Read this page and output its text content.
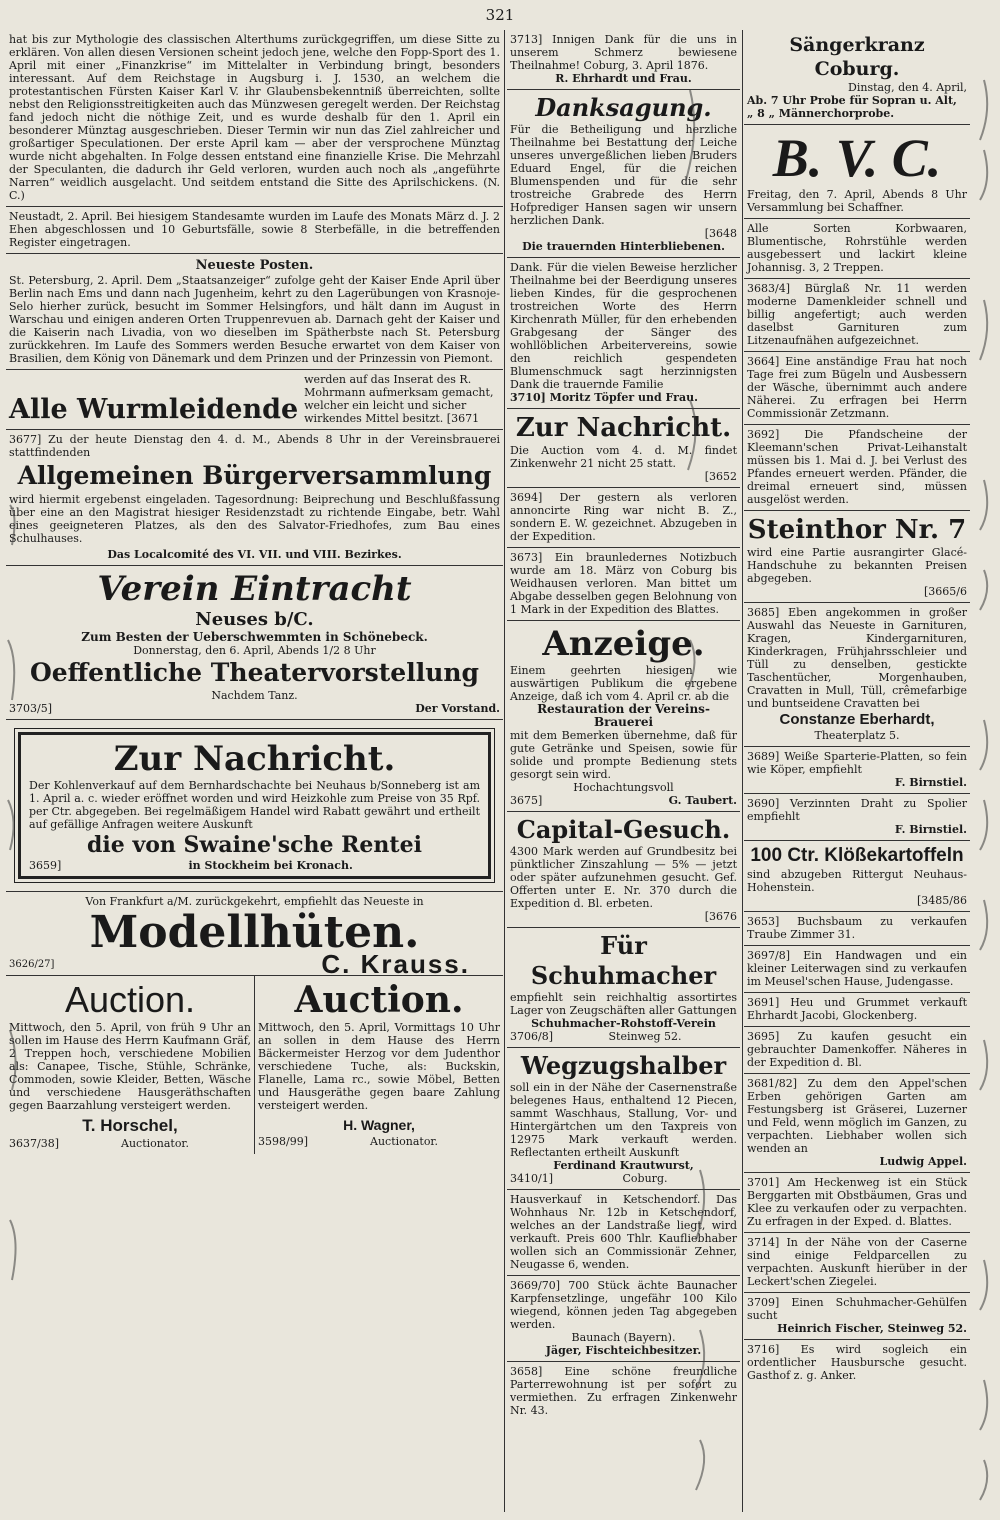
321

hat bis zur Mythologie des classischen Alterthums zurückgegriffen, um diese Sitte zu erklären. Von allen diesen Versionen scheint jedoch jene, welche den Fopp-Sport des 1. April mit einer „Finanzkrise“ im Mittelalter in Verbindung bringt, besonders interessant. Auf dem Reichstage in Augsburg i. J. 1530, an welchem die protestantischen Fürsten Kaiser Karl V. ihr Glaubensbekenntniß überreichten, sollte nebst den Religionsstreitigkeiten auch das Münzwesen geregelt werden. Der Reichstag fand jedoch nicht die nöthige Zeit, und es wurde deshalb für den 1. April ein besonderer Münztag ausgeschrieben. Dieser Termin wir nun das Ziel zahlreicher und großartiger Speculationen. Der erste April kam — aber der versprochene Münztag wurde nicht abgehalten. In Folge dessen entstand eine finanzielle Krise. Die Mehrzahl der Speculanten, die dadurch ihr Geld verloren, wurden auch noch als „angeführte Narren“ weidlich ausgelacht. Und seitdem entstand die Sitte des Aprilschickens. (N. C.)

Neustadt, 2. April. Bei hiesigem Standesamte wurden im Laufe des Monats März d. J. 2 Ehen abgeschlossen und 10 Geburtsfälle, sowie 8 Sterbefälle, in die betreffenden Register eingetragen.

Neueste Posten.

St. Petersburg, 2. April. Dem „Staatsanzeiger“ zufolge geht der Kaiser Ende April über Berlin nach Ems und dann nach Jugenheim, kehrt zu den Lagerübungen von Krasnoje-Selo hierher zurück, besucht im Sommer Helsingfors, und hält dann im August in Warschau und einigen anderen Orten Truppenrevuen ab. Darnach geht der Kaiser und die Kaiserin nach Livadia, von wo dieselben im Spätherbste nach St. Petersburg zurückkehren. Im Laufe des Sommers werden Besuche erwartet von dem Kaiser von Brasilien, dem König von Dänemark und dem Prinzen und der Prinzessin von Piemont.

Alle Wurmleidende
werden auf das Inserat des R. Mohrmann aufmerksam gemacht, welcher ein leicht und sicher wirkendes Mittel besitzt. [3671

3677] Zu der heute Dienstag den 4. d. M., Abends 8 Uhr in der Vereinsbrauerei stattfindenden

Allgemeinen Bürgerversammlung

wird hiermit ergebenst eingeladen. Tagesordnung: Beiprechung und Beschlußfassung über eine an den Magistrat hiesiger Residenzstadt zu richtende Eingabe, betr. Wahl eines geeigneteren Platzes, als den des Salvator-Friedhofes, zum Bau eines Schulhauses.

Das Localcomité des VI. VII. und VIII. Bezirkes.
Verein Eintracht
Neuses b/C.
Zum Besten der Ueberschwemmten in Schönebeck.
Donnerstag, den 6. April, Abends 1/2 8 Uhr
Oeffentliche Theatervorstellung
Nachdem Tanz.
3703/5]	Der Vorstand.
Zur Nachricht.

Der Kohlenverkauf auf dem Bernhardschachte bei Neuhaus b/Sonneberg ist am 1. April a. c. wieder eröffnet worden und wird Heizkohle zum Preise von 35 Rpf. per Ctr. abgegeben. Bei regelmäßigem Handel wird Rabatt gewährt und ertheilt auf gefällige Anfragen weitere Auskunft

die von Swaine'sche Rentei
3659]	in Stockheim bei Kronach.
Von Frankfurt a/M. zurückgekehrt, empfiehlt das Neueste in
Modellhüten.
3626/27]	C. Krauss.
Auction.

Mittwoch, den 5. April, von früh 9 Uhr an sollen im Hause des Herrn Kaufmann Gräf, 2 Treppen hoch, verschiedene Mobilien als: Canapee, Tische, Stühle, Schränke, Commoden, sowie Kleider, Betten, Wäsche und verschiedene Hausgeräthschaften gegen Baarzahlung versteigert werden.

T. Horschel,
3637/38]	Auctionator.
Auction.

Mittwoch, den 5. April, Vormittags 10 Uhr an sollen in dem Hause des Herrn Bäckermeister Herzog vor dem Judenthor verschiedene Tuche, als: Buckskin, Flanelle, Lama rc., sowie Möbel, Betten und Hausgeräthe gegen baare Zahlung versteigert werden.

H. Wagner,
3598/99]	Auctionator.

3713] Innigen Dank für die uns in unserem Schmerz bewiesene Theilnahme! Coburg, 3. April 1876.

R. Ehrhardt und Frau.
Danksagung.

Für die Betheiligung und herzliche Theilnahme bei Bestattung der Leiche unseres unvergeßlichen lieben Bruders Eduard Engel, für die reichen Blumenspenden und für die sehr trostreiche Grabrede des Herrn Hofprediger Hansen sagen wir unsern herzlichen Dank.

[3648
Die trauernden Hinterbliebenen.

Dank. Für die vielen Beweise herzlicher Theilnahme bei der Beerdigung unseres lieben Kindes, für die gesprochenen trostreichen Worte des Herrn Kirchenrath Müller, für den erhebenden Grabgesang der Sänger des wohllöblichen Arbeitervereins, sowie den reichlich gespendeten Blumenschmuck sagt herzinnigsten Dank die trauernde Familie

3710] Moritz Töpfer und Frau.
Zur Nachricht.

Die Auction vom 4. d. M. findet Zinkenwehr 21 nicht 25 statt.

[3652

3694] Der gestern als verloren annoncirte Ring war nicht B. Z., sondern E. W. gezeichnet. Abzugeben in der Expedition.

3673] Ein braunledernes Notizbuch wurde am 18. März von Coburg bis Weidhausen verloren. Man bittet um Abgabe desselben gegen Belohnung von 1 Mark in der Expedition des Blattes.

Anzeige.

Einem geehrten hiesigen wie auswärtigen Publikum die ergebene Anzeige, daß ich vom 4. April cr. ab die

Restauration der Vereins-Brauerei

mit dem Bemerken übernehme, daß für gute Getränke und Speisen, sowie für solide und prompte Bedienung stets gesorgt sein wird.

Hochachtungsvoll
3675]	G. Taubert.
Capital-Gesuch.

4300 Mark werden auf Grundbesitz bei pünktlicher Zinszahlung — 5% — jetzt oder später aufzunehmen gesucht. Gef. Offerten unter E. Nr. 370 durch die Expedition d. Bl. erbeten.

[3676
Für Schuhmacher

empfiehlt sein reichhaltig assortirtes Lager von Zeugschäften aller Gattungen

Schuhmacher-Rohstoff-Verein
3706/8]	Steinweg 52.
Wegzugshalber

soll ein in der Nähe der Casernenstraße belegenes Haus, enthaltend 12 Piecen, sammt Waschhaus, Stallung, Vor- und Hintergärtchen um den Taxpreis von 12975 Mark verkauft werden. Reflectanten ertheilt Auskunft

Ferdinand Krautwurst,
3410/1]	Coburg.

Hausverkauf in Ketschendorf. Das Wohnhaus Nr. 12b in Ketschendorf, welches an der Landstraße liegt, wird verkauft. Preis 600 Thlr. Kaufliebhaber wollen sich an Commissionär Zehner, Neugasse 6, wenden.

3669/70] 700 Stück ächte Baunacher Karpfensetzlinge, ungefähr 100 Kilo wiegend, können jeden Tag abgegeben werden.

Baunach (Bayern).
Jäger, Fischteichbesitzer.

3658] Eine schöne freundliche Parterrewohnung ist per sofort zu vermiethen. Zu erfragen Zinkenwehr Nr. 43.

Sängerkranz Coburg.
Dinstag, den 4. April,
Ab. 7 Uhr Probe für Sopran u. Alt,
„ 8 „ Männerchorprobe.
B. V. C.

Freitag, den 7. April, Abends 8 Uhr Versammlung bei Schaffner.

Alle Sorten Korbwaaren, Blumentische, Rohrstühle werden ausgebessert und lackirt kleine Johannisg. 3, 2 Treppen.

3683/4] Bürglaß Nr. 11 werden moderne Damenkleider schnell und billig angefertigt; auch werden daselbst Garnituren zum Litzenaufnähen aufgezeichnet.

3664] Eine anständige Frau hat noch Tage frei zum Bügeln und Ausbessern der Wäsche, übernimmt auch andere Näherei. Zu erfragen bei Herrn Commissionär Zetzmann.

3692] Die Pfandscheine der Kleemann'schen Privat-Leihanstalt müssen bis 1. Mai d. J. bei Verlust des Pfandes erneuert werden. Pfänder, die dreimal erneuert sind, müssen ausgelöst werden.

Steinthor Nr. 7

wird eine Partie ausrangirter Glacé-Handschuhe zu bekannten Preisen abgegeben.

[3665/6

3685] Eben angekommen in großer Auswahl das Neueste in Garnituren, Kragen, Kindergarnituren, Kinderkragen, Frühjahrsschleier und Tüll zu denselben, gestickte Taschentücher, Morgenhauben, Cravatten in Mull, Tüll, crêmefarbige und buntseidene Cravatten bei

Constanze Eberhardt,
Theaterplatz 5.

3689] Weiße Sparterie-Platten, so fein wie Köper, empfiehlt

F. Birnstiel.

3690] Verzinnten Draht zu Spolier empfiehlt

F. Birnstiel.
100 Ctr. Klößekartoffeln

sind abzugeben Rittergut Neuhaus-Hohenstein.

[3485/86

3653] Buchsbaum zu verkaufen Traube Zimmer 31.

3697/8] Ein Handwagen und ein kleiner Leiterwagen sind zu verkaufen im Meusel'schen Hause, Judengasse.

3691] Heu und Grummet verkauft Ehrhardt Jacobi, Glockenberg.

3695] Zu kaufen gesucht ein gebrauchter Damenkoffer. Näheres in der Expedition d. Bl.

3681/82] Zu dem den Appel'schen Erben gehörigen Garten am Festungsberg ist Gräserei, Luzerner und Feld, wenn möglich im Ganzen, zu verpachten. Liebhaber wollen sich wenden an

Ludwig Appel.

3701] Am Heckenweg ist ein Stück Berggarten mit Obstbäumen, Gras und Klee zu verkaufen oder zu verpachten. Zu erfragen in der Exped. d. Blattes.

3714] In der Nähe von der Caserne sind einige Feldparcellen zu verpachten. Auskunft hierüber in der Leckert'schen Ziegelei.

3709] Einen Schuhmacher-Gehülfen sucht

Heinrich Fischer, Steinweg 52.

3716] Es wird sogleich ein ordentlicher Hausbursche gesucht. Gasthof z. g. Anker.
